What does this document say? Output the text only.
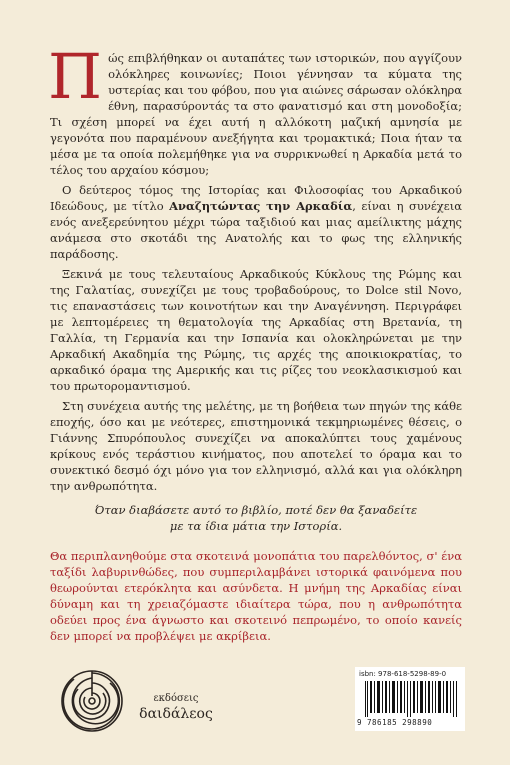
Πώς επιβλήθηκαν οι αυταπάτες των ιστορικών, που αγγίζουν ολόκληρες κοινωνίες; Ποιοι γέννησαν τα κύματα της υστερίας και του φόβου, που για αιώνες σάρωσαν ολόκληρα έθνη, παρασύροντάς τα στο φανατισμό και στη μονοδοξία; Τι σχέση μπορεί να έχει αυτή η αλλόκοτη μαζική αμνησία με γεγονότα που παραμένουν ανεξήγητα και τρομακτικά; Ποια ήταν τα μέσα με τα οποία πολεμήθηκε για να συρρικνωθεί η Αρκαδία μετά το τέλος του αρχαίου κόσμου;

Ο δεύτερος τόμος της Ιστορίας και Φιλοσοφίας του Αρκαδικού Ιδεώδους, με τίτλο Αναζητώντας την Αρκαδία, είναι η συνέχεια ενός ανεξερεύνητου μέχρι τώρα ταξιδιού και μιας αμείλικτης μάχης ανάμεσα στο σκοτάδι της Ανατολής και το φως της ελληνικής παράδοσης.

Ξεκινά με τους τελευταίους Αρκαδικούς Κύκλους της Ρώμης και της Γαλατίας, συνεχίζει με τους τροβαδούρους, το Dolce stil Novo, τις επαναστάσεις των κοινοτήτων και την Αναγέννηση. Περιγράφει με λεπτομέρειες τη θεματολογία της Αρκαδίας στη Βρετανία, τη Γαλλία, τη Γερμανία και την Ισπανία και ολοκληρώνεται με την Αρκαδική Ακαδημία της Ρώμης, τις αρχές της αποικιοκρατίας, το αρκαδικό όραμα της Αμερικής και τις ρίζες του νεοκλασικισμού και του πρωτορομαντισμού.

Στη συνέχεια αυτής της μελέτης, με τη βοήθεια των πηγών της κάθε εποχής, όσο και με νεότερες, επιστημονικά τεκμηριωμένες θέσεις, ο Γιάννης Σπυρόπουλος συνεχίζει να αποκαλύπτει τους χαμένους κρίκους ενός τεράστιου κινήματος, που αποτελεί το όραμα και το συνεκτικό δεσμό όχι μόνο για τον ελληνισμό, αλλά και για ολόκληρη την ανθρωπότητα.

Όταν διαβάσετε αυτό το βιβλίο, ποτέ δεν θα ξαναδείτε
με τα ίδια μάτια την Ιστορία.
Θα περιπλανηθούμε στα σκοτεινά μονοπάτια του παρελθόντος, σ' ένα ταξίδι λαβυρινθώδες, που συμπεριλαμβάνει ιστορικά φαινόμενα που θεωρούνται ετερόκλητα και ασύνδετα. Η μνήμη της Αρκαδίας είναι δύναμη και τη χρειαζόμαστε ιδιαίτερα τώρα, που η ανθρωπότητα οδεύει προς ένα άγνωστο και σκοτεινό πεπρωμένο, το οποίο κανείς δεν μπορεί να προβλέψει με ακρίβεια.
εκδόσεις
δαιδάλεος
isbn: 978-618-5298-89-0
9 786185 298890
